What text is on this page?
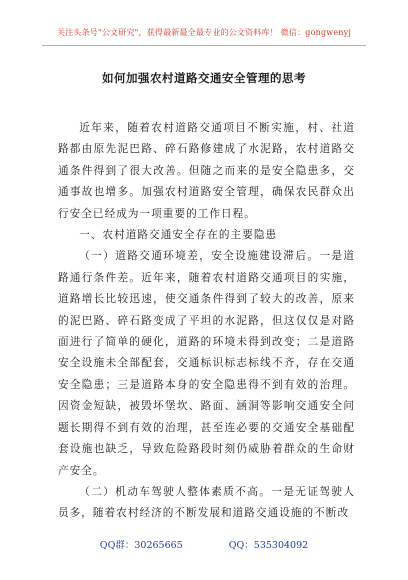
关注头条号"公文研究"，获得最新最全最专业的公文资料库！ 微信：gongwenyj
如何加强农村道路交通安全管理的思考

近年来，随着农村道路交通项目不断实施，村、社道路都由原先泥巴路、碎石路修建成了水泥路，农村道路交通条件得到了很大改善。但随之而来的是安全隐患多，交通事故也增多。加强农村道路安全管理，确保农民群众出行安全已经成为一项重要的工作日程。

一、农村道路交通安全存在的主要隐患

（一）道路交通环境差，安全设施建设滞后。一是道路通行条件差。近年来，随着农村道路交通项目的实施，道路增长比较迅速，使交通条件得到了较大的改善，原来的泥巴路、碎石路变成了平坦的水泥路，但这仅仅是对路面进行了简单的硬化，道路的环境未得到改变；二是道路安全设施未全部配套，交通标识标志标线不齐，存在交通安全隐患；三是道路本身的安全隐患得不到有效的治理。因资金短缺，被毁坏堡坎、路面、涵洞等影响交通安全问题长期得不到有效的治理，甚至连必要的交通安全基础配套设施也缺乏，导致危险路段时刻仍威胁着群众的生命财产安全。

（二）机动车驾驶人整体素质不高。一是无证驾驶人员多，随着农村经济的不断发展和道路交通设施的不断改

QQ群：30265665	QQ：535304092
